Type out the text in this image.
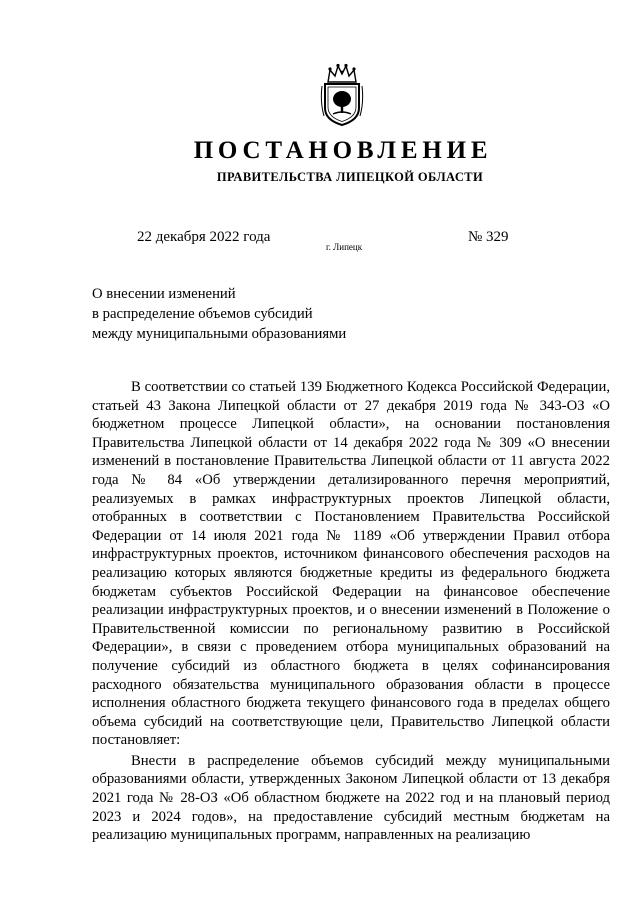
ПОСТАНОВЛЕНИЕ
ПРАВИТЕЛЬСТВА ЛИПЕЦКОЙ ОБЛАСТИ
22 декабря 2022 года
г. Липецк
№ 329
О внесении изменений
в распределение объемов субсидий
между муниципальными образованиями

В соответствии со статьей 139 Бюджетного Кодекса Российской Федерации, статьей 43 Закона Липецкой области от 27 декабря 2019 года № 343-ОЗ «О бюджетном процессе Липецкой области», на основании постановления Правительства Липецкой области от 14 декабря 2022 года № 309 «О внесении изменений в постановление Правительства Липецкой области от 11 августа 2022 года № 84 «Об утверждении детализированного перечня мероприятий, реализуемых в рамках инфраструктурных проектов Липецкой области, отобранных в соответствии с Постановлением Правительства Российской Федерации от 14 июля 2021 года № 1189 «Об утверждении Правил отбора инфраструктурных проектов, источником финансового обеспечения расходов на реализацию которых являются бюджетные кредиты из федерального бюджета бюджетам субъектов Российской Федерации на финансовое обеспечение реализации инфраструктурных проектов, и о внесении изменений в Положение о Правительственной комиссии по региональному развитию в Российской Федерации», в связи с проведением отбора муниципальных образований на получение субсидий из областного бюджета в целях софинансирования расходного обязательства муниципального образования области в процессе исполнения областного бюджета текущего финансового года в пределах общего объема субсидий на соответствующие цели, Правительство Липецкой области постановляет:

Внести в распределение объемов субсидий между муниципальными образованиями области, утвержденных Законом Липецкой области от 13 декабря 2021 года № 28-ОЗ «Об областном бюджете на 2022 год и на плановый период 2023 и 2024 годов», на предоставление субсидий местным бюджетам на реализацию муниципальных программ, направленных на реализацию
